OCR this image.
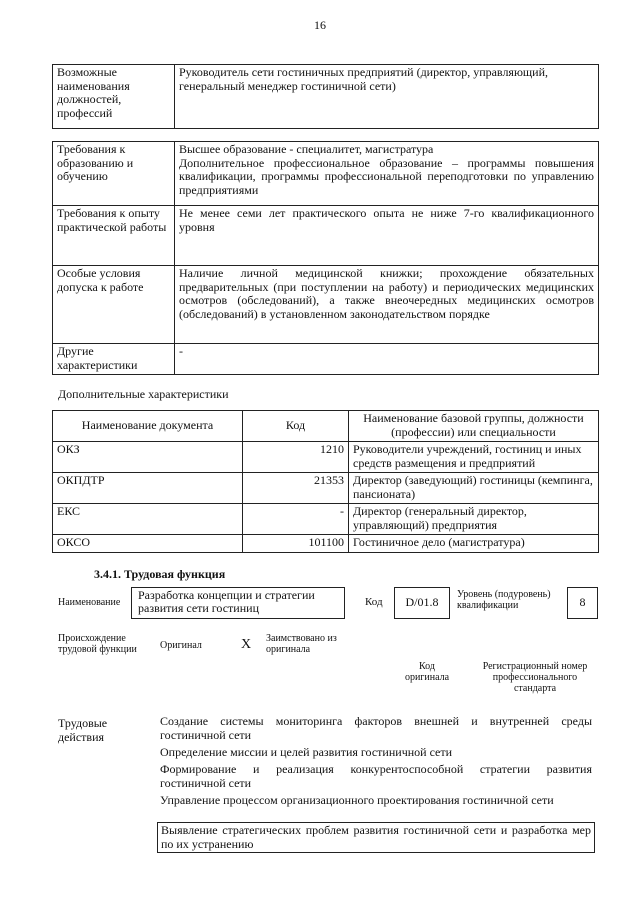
16
Возможные наименования должностей, профессий	Руководитель сети гостиничных предприятий (директор, управляющий, генеральный менеджер гостиничной сети)
Требования к образованию и обучению	Высшее образование - специалитет, магистратура
Дополнительное профессиональное образование – программы повышения квалификации, программы профессиональной переподготовки по управлению предприятиями

Требования к опыту практической работы	Не менее семи лет практического опыта не ниже 7-го квалификационного уровня
Особые условия допуска к работе	Наличие личной медицинской книжки; прохождение обязательных предварительных (при поступлении на работу) и периодических медицинских осмотров (обследований), а также внеочередных медицинских осмотров (обследований) в установленном законодательством порядке
Другие характеристики	-
Дополнительные характеристики
Наименование документа	Код	Наименование базовой группы, должности (профессии) или специальности
ОКЗ	1210	Руководители учреждений, гостиниц и иных средств размещения и предприятий
ОКПДТР	21353	Директор (заведующий) гостиницы (кемпинга, пансионата)
ЕКС	-	Директор (генеральный директор, управляющий) предприятия
ОКСО	101100	Гостиничное дело (магистратура)
3.4.1. Трудовая функция
Наименование
Разработка концепции и стратегии развития сети гостиниц	Код	D/01.8
Уровень (подуровень) квалификации	8
Происхождение трудовой функции	Оригинал	X Заимствовано из оригинала
Код оригинала
Регистрационный номер профессионального стандарта
Трудовые действия
Создание системы мониторинга факторов внешней и внутренней среды гостиничной сети
Определение миссии и целей развития гостиничной сети
Формирование и реализация конкурентоспособной стратегии развития гостиничной сети
Управление процессом организационного проектирования гостиничной сети
Выявление стратегических проблем развития гостиничной сети и разработка мер по их устранению
